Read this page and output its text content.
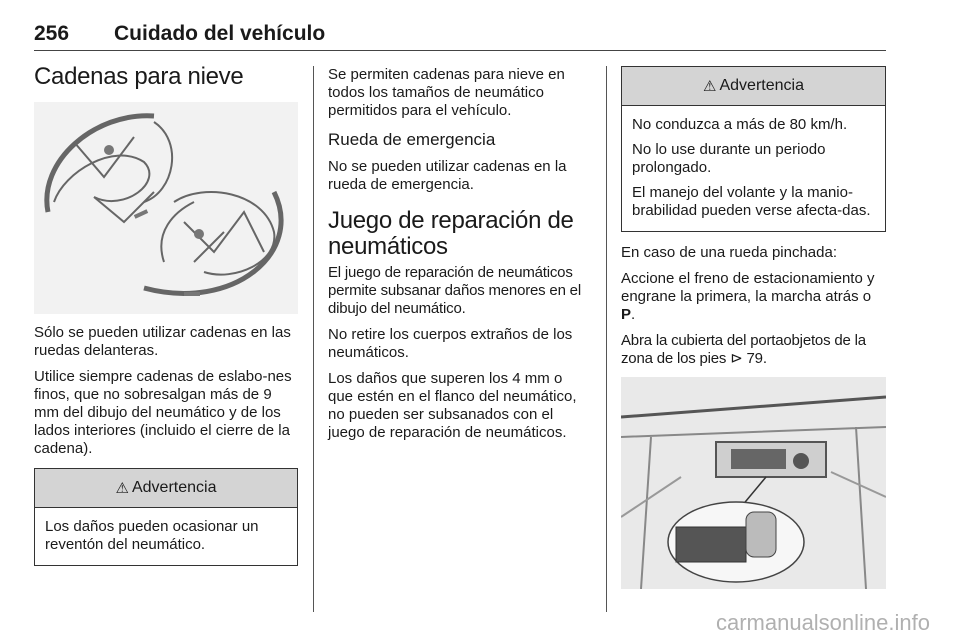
256 Cuidado del vehículo
Cadenas para nieve

Sólo se pueden utilizar cadenas en las ruedas delanteras.

Utilice siempre cadenas de eslabo-nes finos, que no sobresalgan más de 9 mm del dibujo del neumático y de los lados interiores (incluido el cierre de la cadena).

⚠ Advertencia

Los daños pueden ocasionar un reventón del neumático.

Se permiten cadenas para nieve en todos los tamaños de neumático permitidos para el vehículo.

Rueda de emergencia

No se pueden utilizar cadenas en la rueda de emergencia.

Juego de reparación de neumáticos

El juego de reparación de neumáticos permite subsanar daños menores en el dibujo del neumático.

No retire los cuerpos extraños de los neumáticos.

Los daños que superen los 4 mm o que estén en el flanco del neumático, no pueden ser subsanados con el juego de reparación de neumáticos.

⚠ Advertencia

No conduzca a más de 80 km/h.

No lo use durante un periodo prolongado.

El manejo del volante y la manio-brabilidad pueden verse afecta-das.

En caso de una rueda pinchada:

Accione el freno de estacionamiento y engrane la primera, la marcha atrás o P.

Abra la cubierta del portaobjetos de la zona de los pies ⊳ 79.

carmanualsonline.info
